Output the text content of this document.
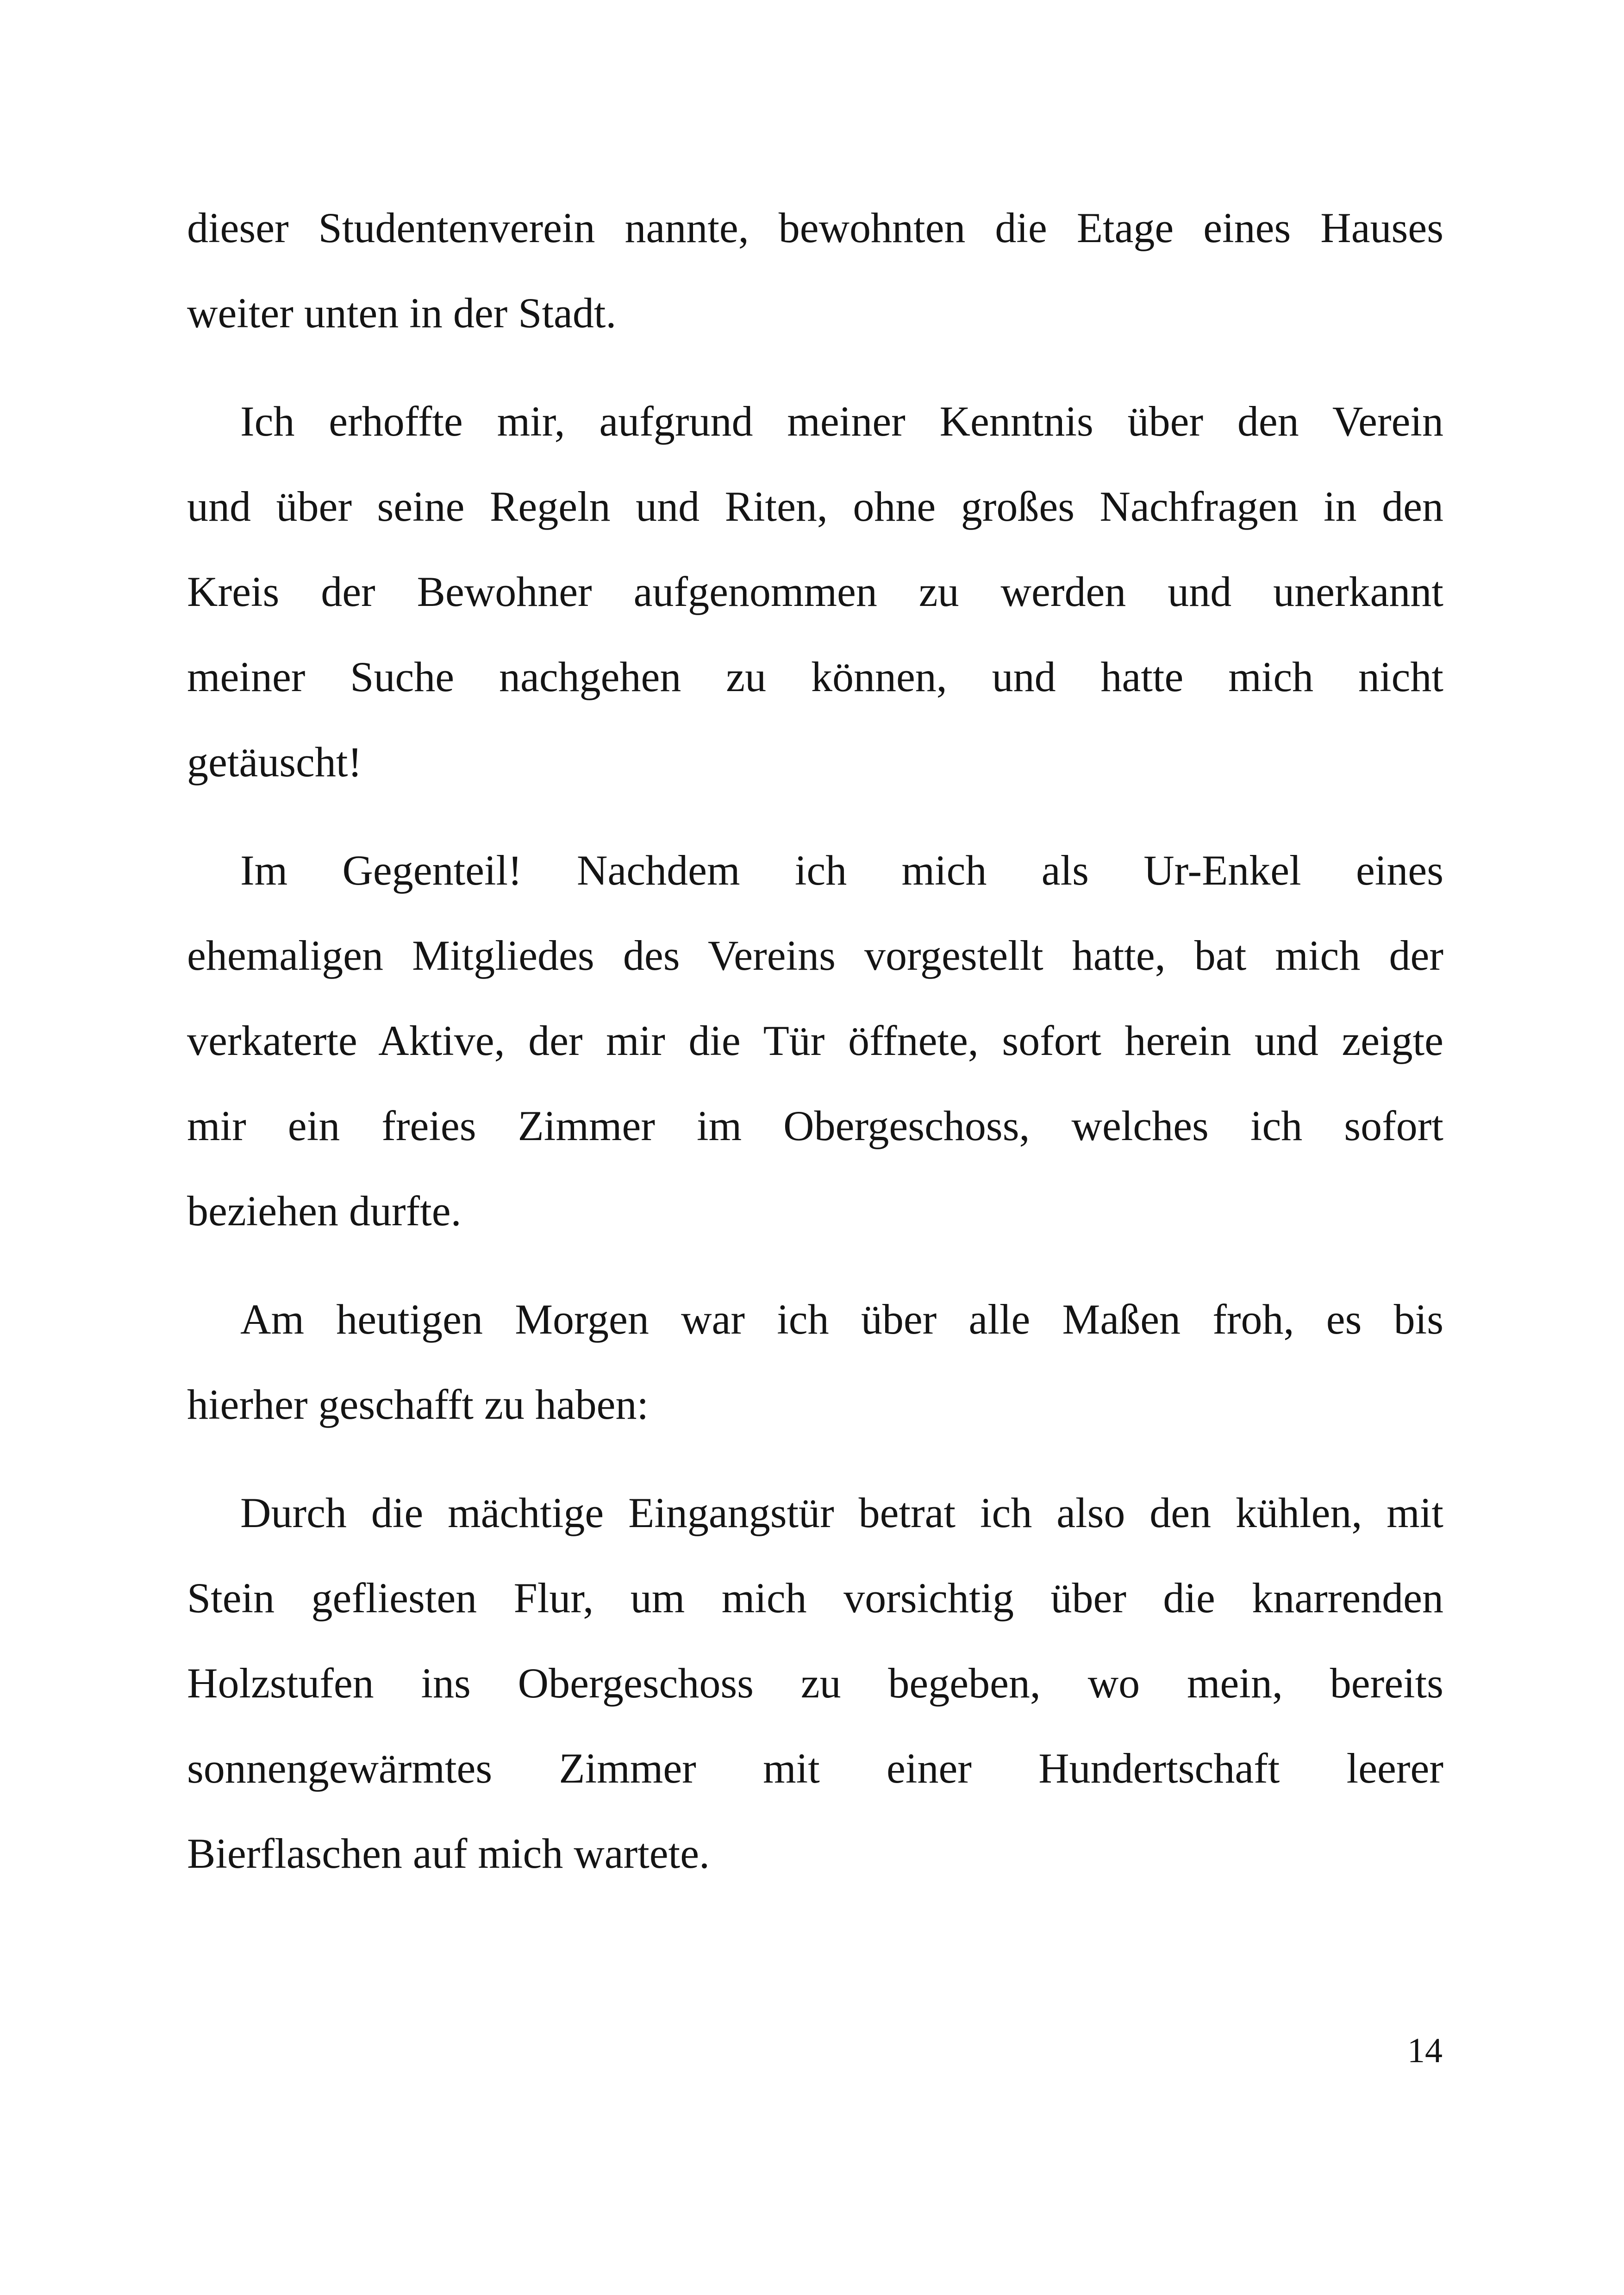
dieser Studentenverein nannte, bewohnten die Etage eines Hauses
weiter unten in der Stadt.
Ich erhoffte mir, aufgrund meiner Kenntnis über den Verein
und über seine Regeln und Riten, ohne großes Nachfragen in den
Kreis der Bewohner aufgenommen zu werden und unerkannt
meiner Suche nachgehen zu können, und hatte mich nicht
getäuscht!
Im Gegenteil! Nachdem ich mich als Ur-Enkel eines
ehemaligen Mitgliedes des Vereins vorgestellt hatte, bat mich der
verkaterte Aktive, der mir die Tür öffnete, sofort herein und zeigte
mir ein freies Zimmer im Obergeschoss, welches ich sofort
beziehen durfte.
Am heutigen Morgen war ich über alle Maßen froh, es bis
hierher geschafft zu haben:
Durch die mächtige Eingangstür betrat ich also den kühlen, mit
Stein gefliesten Flur, um mich vorsichtig über die knarrenden
Holzstufen ins Obergeschoss zu begeben, wo mein, bereits
sonnengewärmtes Zimmer mit einer Hundertschaft leerer
Bierflaschen auf mich wartete.
14
